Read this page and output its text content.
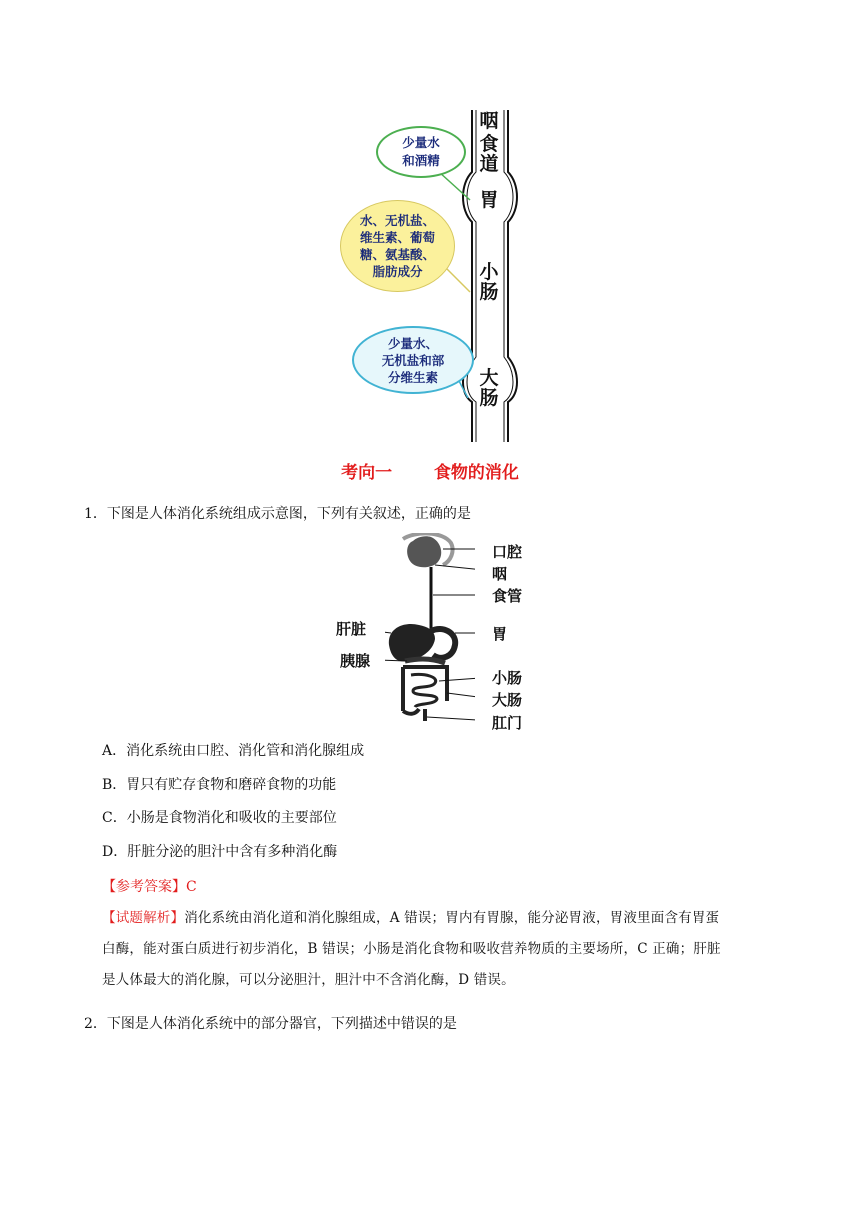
咽
食道
胃
小肠
大肠
少量水
和酒精
水、无机盐、
维生素、葡萄
糖、氨基酸、
脂肪成分
少量水、
无机盐和部
分维生素
考向一 食物的消化
1．下图是人体消化系统组成示意图，下列有关叙述，正确的是
口腔
咽
食管
肝脏	胃
胰腺
小肠
大肠
肛门
A．消化系统由口腔、消化管和消化腺组成
B．胃只有贮存食物和磨碎食物的功能
C．小肠是食物消化和吸收的主要部位
D．肝脏分泌的胆汁中含有多种消化酶
【参考答案】C
【试题解析】消化系统由消化道和消化腺组成，A 错误；胃内有胃腺，能分泌胃液，胃液里面含有胃蛋
白酶，能对蛋白质进行初步消化，B 错误；小肠是消化食物和吸收营养物质的主要场所，C 正确；肝脏
是人体最大的消化腺，可以分泌胆汁，胆汁中不含消化酶，D 错误。
2．下图是人体消化系统中的部分器官，下列描述中错误的是
